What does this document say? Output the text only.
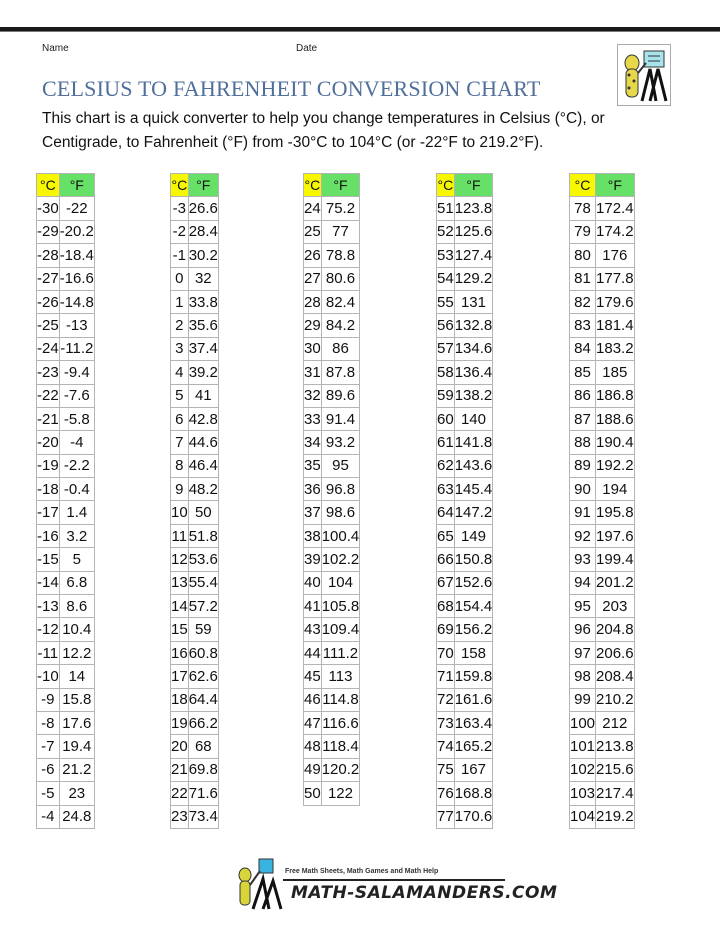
Name	Date
CELSIUS TO FAHRENHEIT CONVERSION CHART
This chart is a quick converter to help you change temperatures in Celsius (°C), or Centigrade, to Fahrenheit (°F) from -30°C to 104°C (or -22°F to 219.2°F).
°C	°F
-30	-22
-29	-20.2
-28	-18.4
-27	-16.6
-26	-14.8
-25	-13
-24	-11.2
-23	-9.4
-22	-7.6
-21	-5.8
-20	-4
-19	-2.2
-18	-0.4
-17	1.4
-16	3.2
-15	5
-14	6.8
-13	8.6
-12	10.4
-11	12.2
-10	14
-9	15.8
-8	17.6
-7	19.4
-6	21.2
-5	23
-4	24.8
°C	°F
-3	26.6
-2	28.4
-1	30.2
0	32
1	33.8
2	35.6
3	37.4
4	39.2
5	41
6	42.8
7	44.6
8	46.4
9	48.2
10	50
11	51.8
12	53.6
13	55.4
14	57.2
15	59
16	60.8
17	62.6
18	64.4
19	66.2
20	68
21	69.8
22	71.6
23	73.4
°C	°F
24	75.2
25	77
26	78.8
27	80.6
28	82.4
29	84.2
30	86
31	87.8
32	89.6
33	91.4
34	93.2
35	95
36	96.8
37	98.6
38	100.4
39	102.2
40	104
41	105.8
43	109.4
44	111.2
45	113
46	114.8
47	116.6
48	118.4
49	120.2
50	122
°C	°F
51	123.8
52	125.6
53	127.4
54	129.2
55	131
56	132.8
57	134.6
58	136.4
59	138.2
60	140
61	141.8
62	143.6
63	145.4
64	147.2
65	149
66	150.8
67	152.6
68	154.4
69	156.2
70	158
71	159.8
72	161.6
73	163.4
74	165.2
75	167
76	168.8
77	170.6
°C	°F
78	172.4
79	174.2
80	176
81	177.8
82	179.6
83	181.4
84	183.2
85	185
86	186.8
87	188.6
88	190.4
89	192.2
90	194
91	195.8
92	197.6
93	199.4
94	201.2
95	203
96	204.8
97	206.6
98	208.4
99	210.2
100	212
101	213.8
102	215.6
103	217.4
104	219.2
Free Math Sheets, Math Games and Math Help
MATH-SALAMANDERS.COM
